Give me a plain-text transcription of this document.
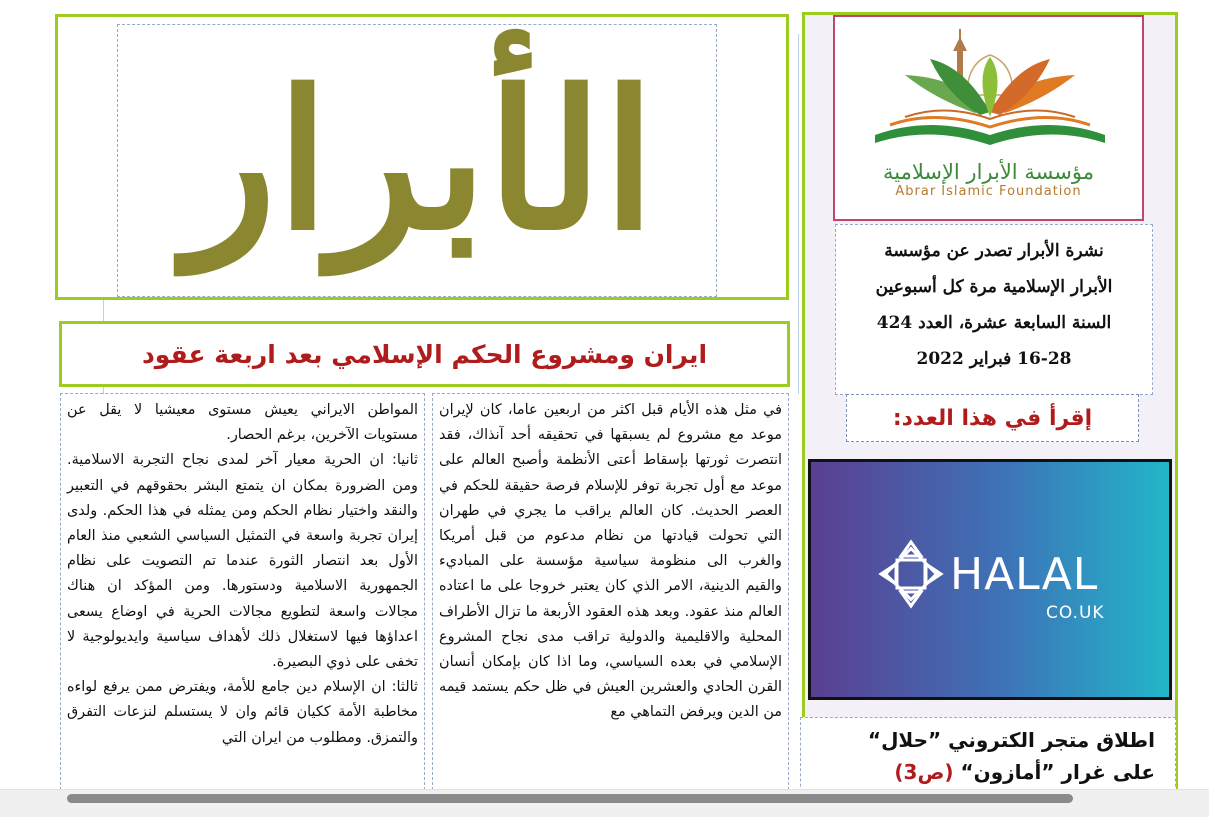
الأبرار
ايران ومشروع الحكم الإسلامي بعد اربعة عقود

في مثل هذه الأيام قبل اكثر من اربعين عاما، كان لإيران موعد مع مشروع لم يسبقها في تحقيقه أحد آنذاك، فقد انتصرت ثورتها بإسقاط أعتى الأنظمة وأصبح العالم على موعد مع أول تجربة توفر للإسلام فرصة حقيقة للحكم في العصر الحديث. كان العالم يراقب ما يجري في طهران التي تحولت قيادتها من نظام مدعوم من قبل أمريكا والغرب الى منظومة سياسية مؤسسة على المباديء والقيم الدينية، الامر الذي كان يعتبر خروجا على ما اعتاده العالم منذ عقود. وبعد هذه العقود الأربعة ما تزال الأطراف المحلية والاقليمية والدولية تراقب مدى نجاح المشروع الإسلامي في بعده السياسي، وما اذا كان بإمكان أنسان القرن الحادي والعشرين العيش في ظل حكم يستمد قيمه من الدين ويرفض التماهي مع

المواطن الايراني يعيش مستوى معيشيا لا يقل عن مستويات الآخرين، برغم الحصار.

ثانيا: ان الحرية معيار آخر لمدى نجاح التجربة الاسلامية. ومن الضرورة بمكان ان يتمتع البشر بحقوقهم في التعبير والنقد واختيار نظام الحكم ومن يمثله في هذا الحكم. ولدى إيران تجربة واسعة في التمثيل السياسي الشعبي منذ العام الأول بعد انتصار الثورة عندما تم التصويت على نظام الجمهورية الاسلامية ودستورها. ومن المؤكد ان هناك مجالات واسعة لتطويع مجالات الحرية في اوضاع يسعى اعداؤها فيها لاستغلال ذلك لأهداف سياسية وايديولوجية لا تخفى على ذوي البصيرة.

ثالثا: ان الإسلام دين جامع للأمة، ويفترض ممن يرفع لواءه مخاطبة الأمة ككيان قائم وان لا يستسلم لنزعات التفرق والتمزق. ومطلوب من ايران التي

مؤسسة الأبرار الإسلامية
Abrar Islamic Foundation
نشرة الأبرار تصدر عن مؤسسة
الأبرار الإسلامية مرة كل أسبوعين
السنة السابعة عشرة، العدد 424
16-28 فبراير 2022
إقرأ في هذا العدد:
HALAL
CO.UK
اطلاق متجر الكتروني ”حلال“ على غرار ”أمازون“ (ص3)
